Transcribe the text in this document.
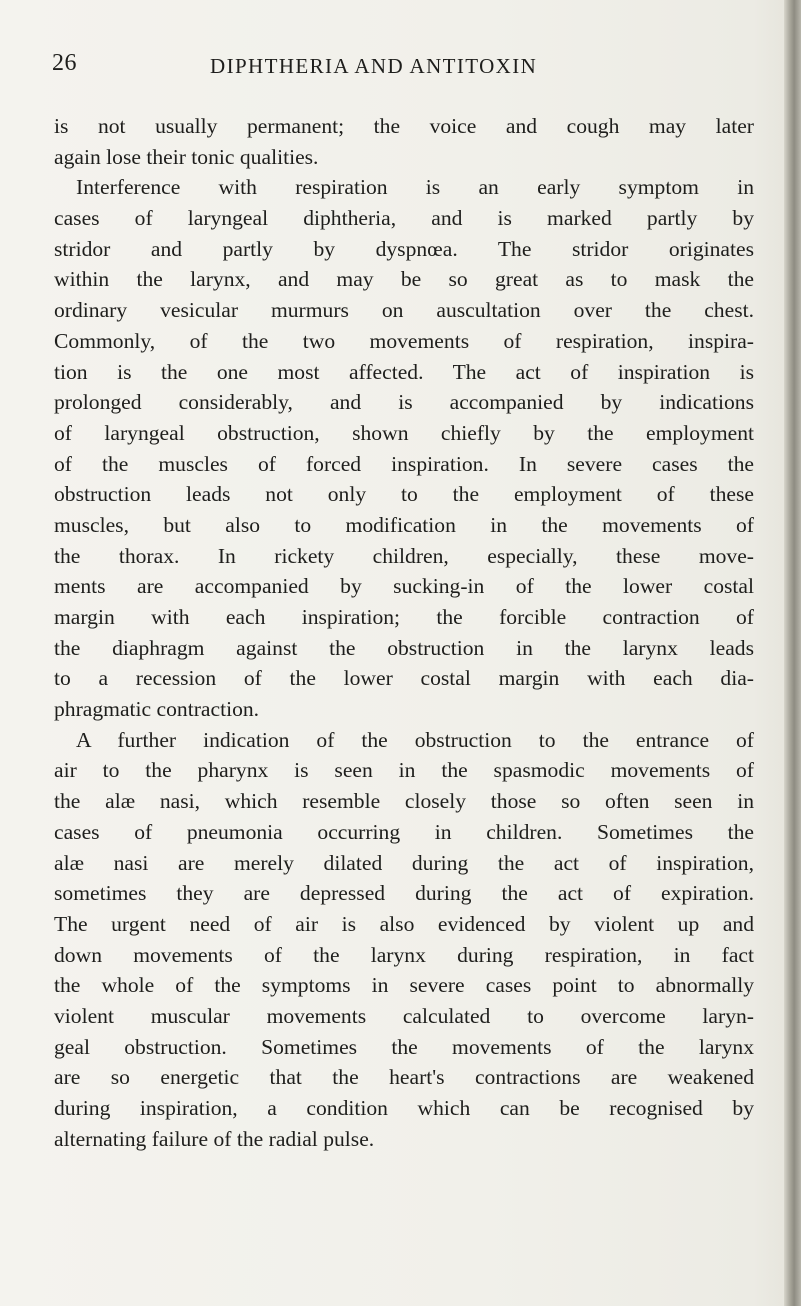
26	DIPHTHERIA AND ANTITOXIN
is not usually permanent; the voice and cough may later
again lose their tonic qualities.
Interference with respiration is an early symptom in
cases of laryngeal diphtheria, and is marked partly by
stridor and partly by dyspnœa. The stridor originates
within the larynx, and may be so great as to mask the
ordinary vesicular murmurs on auscultation over the chest.
Commonly, of the two movements of respiration, inspira-
tion is the one most affected. The act of inspiration is
prolonged considerably, and is accompanied by indications
of laryngeal obstruction, shown chiefly by the employment
of the muscles of forced inspiration. In severe cases the
obstruction leads not only to the employment of these
muscles, but also to modification in the movements of
the thorax. In rickety children, especially, these move-
ments are accompanied by sucking-in of the lower costal
margin with each inspiration; the forcible contraction of
the diaphragm against the obstruction in the larynx leads
to a recession of the lower costal margin with each dia-
phragmatic contraction.
A further indication of the obstruction to the entrance of
air to the pharynx is seen in the spasmodic movements of
the alæ nasi, which resemble closely those so often seen in
cases of pneumonia occurring in children. Sometimes the
alæ nasi are merely dilated during the act of inspiration,
sometimes they are depressed during the act of expiration.
The urgent need of air is also evidenced by violent up and
down movements of the larynx during respiration, in fact
the whole of the symptoms in severe cases point to abnormally
violent muscular movements calculated to overcome laryn-
geal obstruction. Sometimes the movements of the larynx
are so energetic that the heart's contractions are weakened
during inspiration, a condition which can be recognised by
alternating failure of the radial pulse.
